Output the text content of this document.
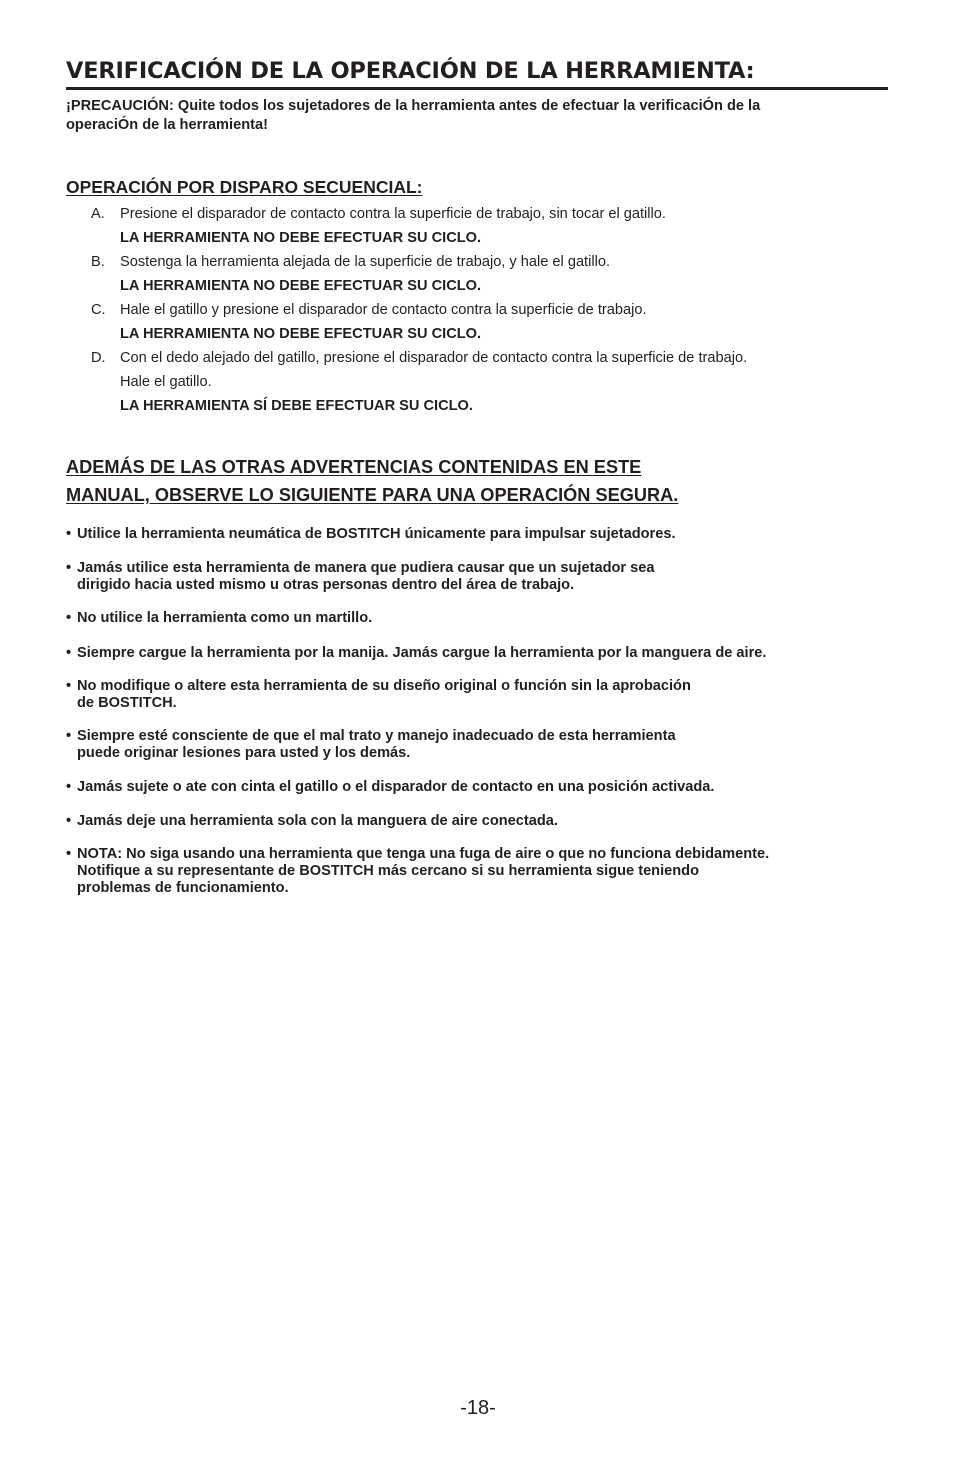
VERIFICACIÓN DE LA OPERACIÓN DE LA HERRAMIENTA:

¡PRECAUCIÓN: Quite todos los sujetadores de la herramienta antes de efectuar la verificaciÓn de la
operaciÓn de la herramienta!

OPERACIÓN POR DISPARO SECUENCIAL:
A. Presione el disparador de contacto contra la superficie de trabajo, sin tocar el gatillo.
LA HERRAMIENTA NO DEBE EFECTUAR SU CICLO.
B. Sostenga la herramienta alejada de la superficie de trabajo, y hale el gatillo.
LA HERRAMIENTA NO DEBE EFECTUAR SU CICLO.
C. Hale el gatillo y presione el disparador de contacto contra la superficie de trabajo.
LA HERRAMIENTA NO DEBE EFECTUAR SU CICLO.
D. Con el dedo alejado del gatillo, presione el disparador de contacto contra la superficie de trabajo.
Hale el gatillo.
LA HERRAMIENTA SÍ DEBE EFECTUAR SU CICLO.
ADEMÁS DE LAS OTRAS ADVERTENCIAS CONTENIDAS EN ESTE
MANUAL, OBSERVE LO SIGUIENTE PARA UNA OPERACIÓN SEGURA.
• Utilice la herramienta neumática de BOSTITCH únicamente para impulsar sujetadores.
• Jamás utilice esta herramienta de manera que pudiera causar que un sujetador sea
dirigido hacia usted mismo u otras personas dentro del área de trabajo.
• No utilice la herramienta como un martillo.
• Siempre cargue la herramienta por la manija. Jamás cargue la herramienta por la manguera de aire.
• No modifique o altere esta herramienta de su diseño original o función sin la aprobación
de BOSTITCH.
• Siempre esté consciente de que el mal trato y manejo inadecuado de esta herramienta
puede originar lesiones para usted y los demás.
• Jamás sujete o ate con cinta el gatillo o el disparador de contacto en una posición activada.
• Jamás deje una herramienta sola con la manguera de aire conectada.
• NOTA: No siga usando una herramienta que tenga una fuga de aire o que no funciona debidamente.
Notifique a su representante de BOSTITCH más cercano si su herramienta sigue teniendo
problemas de funcionamiento.
-18-
